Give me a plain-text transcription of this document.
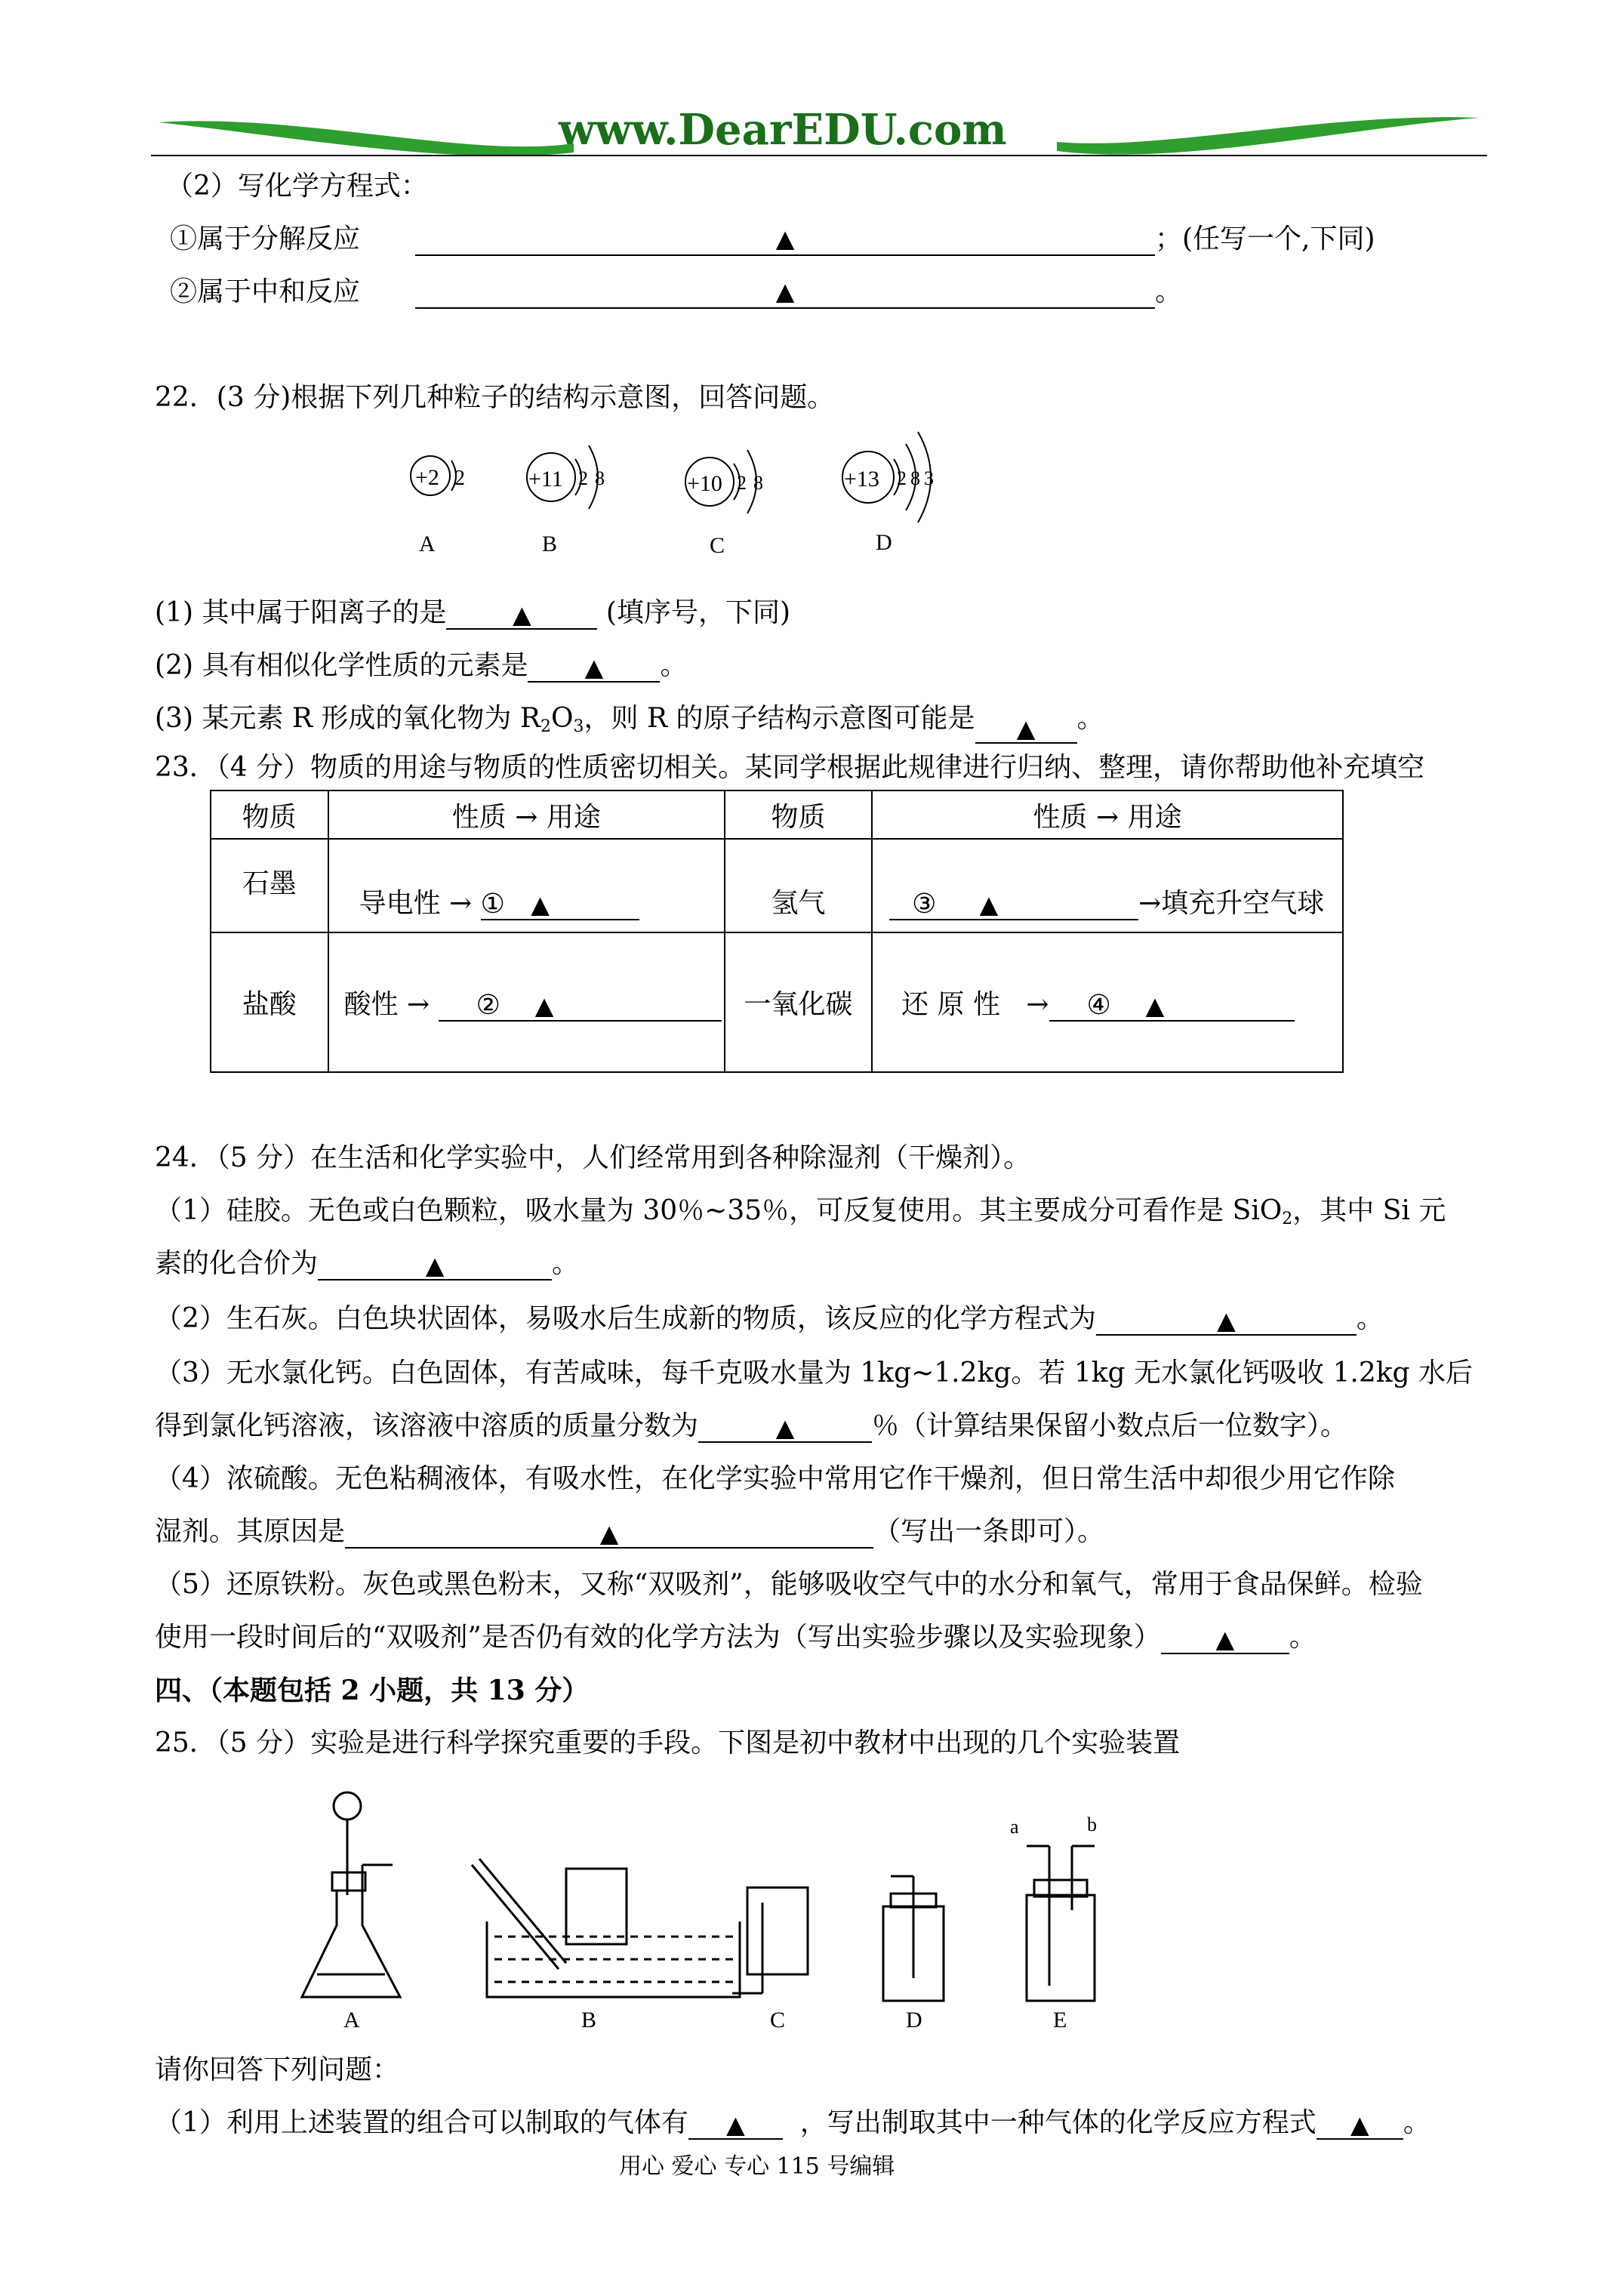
www.DearEDU.com
（2）写化学方程式：
①属于分解反应	▲	；(任写一个,下同)
②属于中和反应	▲	。
22．(3 分)根据下列几种粒子的结构示意图，回答问题。
+2 2
A
+11 2 8
B
+10 2 8
C
+13 2 8 3
D
(1) 其中属于阳离子的是	▲	(填序号，下同)
(2) 具有相似化学性质的元素是 ▲ 。
(3) 某元素 R 形成的氧化物为 R2O3，则 R 的原子结构示意图可能是 ▲ 。
23．（4 分）物质的用途与物质的性质密切相关。某同学根据此规律进行归纳、整理，请你帮助他补充填空
物质	性质 → 用途	物质	性质 → 用途
石墨	导电性 → ① ▲	氢气	③ ▲ →填充升空气球
盐酸	酸性 → ② ▲	一氧化碳	还 原 性 → ④ ▲
24．（5 分）在生活和化学实验中，人们经常用到各种除湿剂（干燥剂）。
（1）硅胶。无色或白色颗粒，吸水量为 30％~35％，可反复使用。其主要成分可看作是 SiO2，其中 Si 元
素的化合价为	▲	。
（2）生石灰。白色块状固体，易吸水后生成新的物质，该反应的化学方程式为	▲	。
（3）无水氯化钙。白色固体，有苦咸味，每千克吸水量为 1kg~1.2kg。若 1kg 无水氯化钙吸收 1.2kg 水后
得到氯化钙溶液，该溶液中溶质的质量分数为	▲	％（计算结果保留小数点后一位数字）。
（4）浓硫酸。无色粘稠液体，有吸水性，在化学实验中常用它作干燥剂，但日常生活中却很少用它作除
湿剂。其原因是	▲	（写出一条即可）。
（5）还原铁粉。灰色或黑色粉末，又称“双吸剂”，能够吸收空气中的水分和氧气，常用于食品保鲜。检验
使用一段时间后的“双吸剂”是否仍有效的化学方法为（写出实验步骤以及实验现象） ▲ 。
四、（本题包括 2 小题，共 13 分）
25．（5 分）实验是进行科学探究重要的手段。下图是初中教材中出现的几个实验装置
A	B	C	D	E
a	b
请你回答下列问题：
（1）利用上述装置的组合可以制取的气体有 ▲ ，写出制取其中一种气体的化学反应方程式 ▲ 。
用心 爱心 专心 115 号编辑
